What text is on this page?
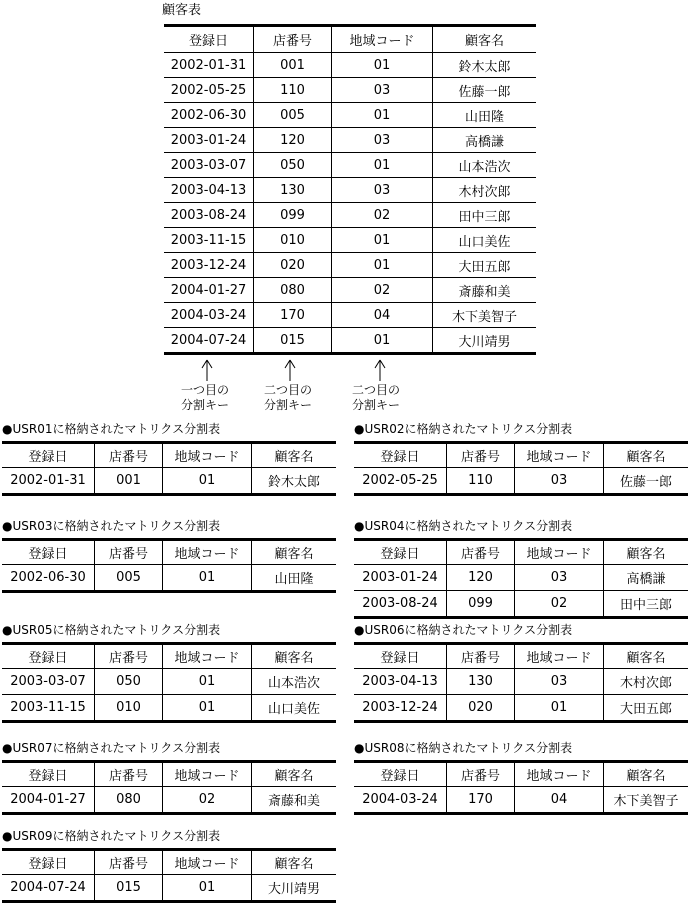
顧客表
登録日	店番号	地域コード	顧客名
2002-01-31	001	01	鈴木太郎
2002-05-25	110	03	佐藤一郎
2002-06-30	005	01	山田隆
2003-01-24	120	03	高橋謙
2003-03-07	050	01	山本浩次
2003-04-13	130	03	木村次郎
2003-08-24	099	02	田中三郎
2003-11-15	010	01	山口美佐
2003-12-24	020	01	大田五郎
2004-01-27	080	02	斎藤和美
2004-03-24	170	04	木下美智子
2004-07-24	015	01	大川靖男
一つ目の
分割キー
二つ目の
分割キー
二つ目の
分割キー
●USR01に格納されたマトリクス分割表
登録日	店番号	地域コード	顧客名
2002-01-31	001	01	鈴木太郎
●USR02に格納されたマトリクス分割表
登録日	店番号	地域コード	顧客名
2002-05-25	110	03	佐藤一郎
●USR03に格納されたマトリクス分割表
登録日	店番号	地域コード	顧客名
2002-06-30	005	01	山田隆
●USR04に格納されたマトリクス分割表
登録日	店番号	地域コード	顧客名
2003-01-24	120	03	高橋謙
2003-08-24	099	02	田中三郎
●USR05に格納されたマトリクス分割表
登録日	店番号	地域コード	顧客名
2003-03-07	050	01	山本浩次
2003-11-15	010	01	山口美佐
●USR06に格納されたマトリクス分割表
登録日	店番号	地域コード	顧客名
2003-04-13	130	03	木村次郎
2003-12-24	020	01	大田五郎
●USR07に格納されたマトリクス分割表
登録日	店番号	地域コード	顧客名
2004-01-27	080	02	斎藤和美
●USR08に格納されたマトリクス分割表
登録日	店番号	地域コード	顧客名
2004-03-24	170	04	木下美智子
●USR09に格納されたマトリクス分割表
登録日	店番号	地域コード	顧客名
2004-07-24	015	01	大川靖男
